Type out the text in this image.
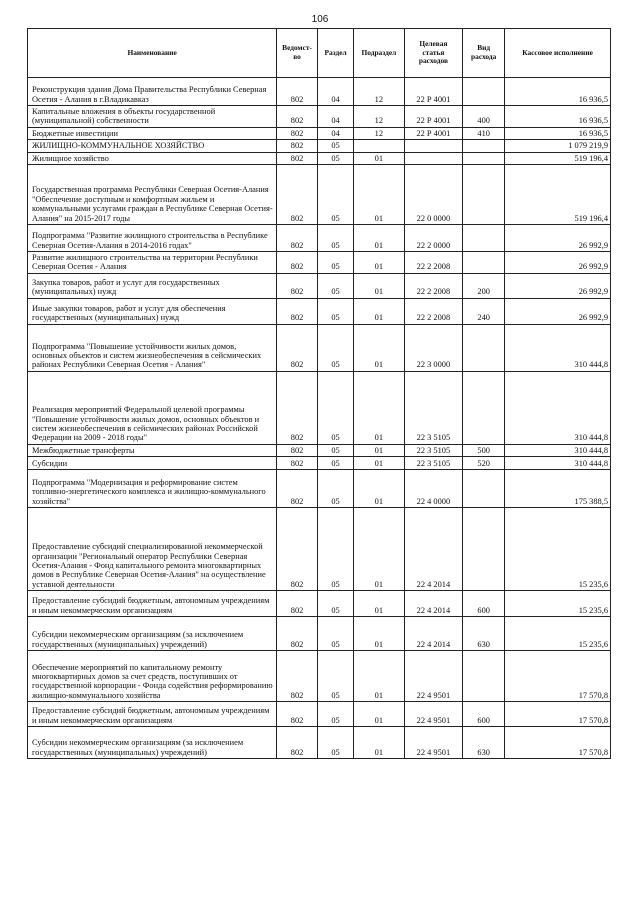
106
Наименование	Ведомст-во	Раздел	Подраздел	Целевая статья расходов	Вид расхода	Кассовое исполнение
Реконструкция здания Дома Правительства Республики Северная Осетия - Алания в г.Владикавказ	802	04	12	22 Р 4001		16 936,5
Капитальные вложения в объекты государственной (муниципальной) собственности	802	04	12	22 Р 4001	400	16 936,5
Бюджетные инвестиции	802	04	12	22 Р 4001	410	16 936,5
ЖИЛИЩНО-КОММУНАЛЬНОЕ ХОЗЯЙСТВО	802	05				1 079 219,9
Жилищное хозяйство	802	05	01			519 196,4
Государственная программа Республики Северная Осетия-Алания "Обеспечение доступным и комфортным жильем и коммунальными услугами граждан в Республике Северная Осетия-Алания" на 2015-2017 годы	802	05	01	22 0 0000		519 196,4
Подпрограмма "Развитие жилищного строительства в Республике Северная Осетия-Алания в 2014-2016 годах"	802	05	01	22 2 0000		26 992,9
Развитие жилищного строительства на территории Республики Северная Осетия - Алания	802	05	01	22 2 2008		26 992,9
Закупка товаров, работ и услуг для государственных (муниципальных) нужд	802	05	01	22 2 2008	200	26 992,9
Иные закупки товаров, работ и услуг для обеспечения государственных (муниципальных) нужд	802	05	01	22 2 2008	240	26 992,9
Подпрограмма "Повышение устойчивости жилых домов, основных объектов и систем жизнеобеспечения в сейсмических районах Республики Северная Осетия - Алания"	802	05	01	22 3 0000		310 444,8
Реализация мероприятий Федеральной целевой программы "Повышение устойчивости жилых домов, основных объектов и систем жизнеобеспечения в сейсмических районах Российской Федерации на 2009 - 2018 годы"	802	05	01	22 3 5105		310 444,8
Межбюджетные трансферты	802	05	01	22 3 5105	500	310 444,8
Субсидии	802	05	01	22 3 5105	520	310 444,8
Подпрограмма "Модернизация и реформирование систем топливно-энергетического комплекса и жилищно-коммунального хозяйства"	802	05	01	22 4 0000		175 388,5
Предоставление субсидий специализированной некоммерческой организации "Региональный оператор Республики Северная Осетия-Алания - Фонд капитального ремонта многоквартирных домов в Республике Северная Осетия-Алания" на осуществление уставной деятельности	802	05	01	22 4 2014		15 235,6
Предоставление субсидий бюджетным, автономным учреждениям и иным некоммерческим организациям	802	05	01	22 4 2014	600	15 235,6
Субсидии некоммерческим организациям (за исключением государственных (муниципальных) учреждений)	802	05	01	22 4 2014	630	15 235,6
Обеспечение мероприятий по капитальному ремонту многоквартирных домов за счет средств, поступивших от государственной корпорации - Фонда содействия реформированию жилищно-коммунального хозяйства	802	05	01	22 4 9501		17 570,8
Предоставление субсидий бюджетным, автономным учреждениям и иным некоммерческим организациям	802	05	01	22 4 9501	600	17 570,8
Субсидии некоммерческим организациям (за исключением государственных (муниципальных) учреждений)	802	05	01	22 4 9501	630	17 570,8
